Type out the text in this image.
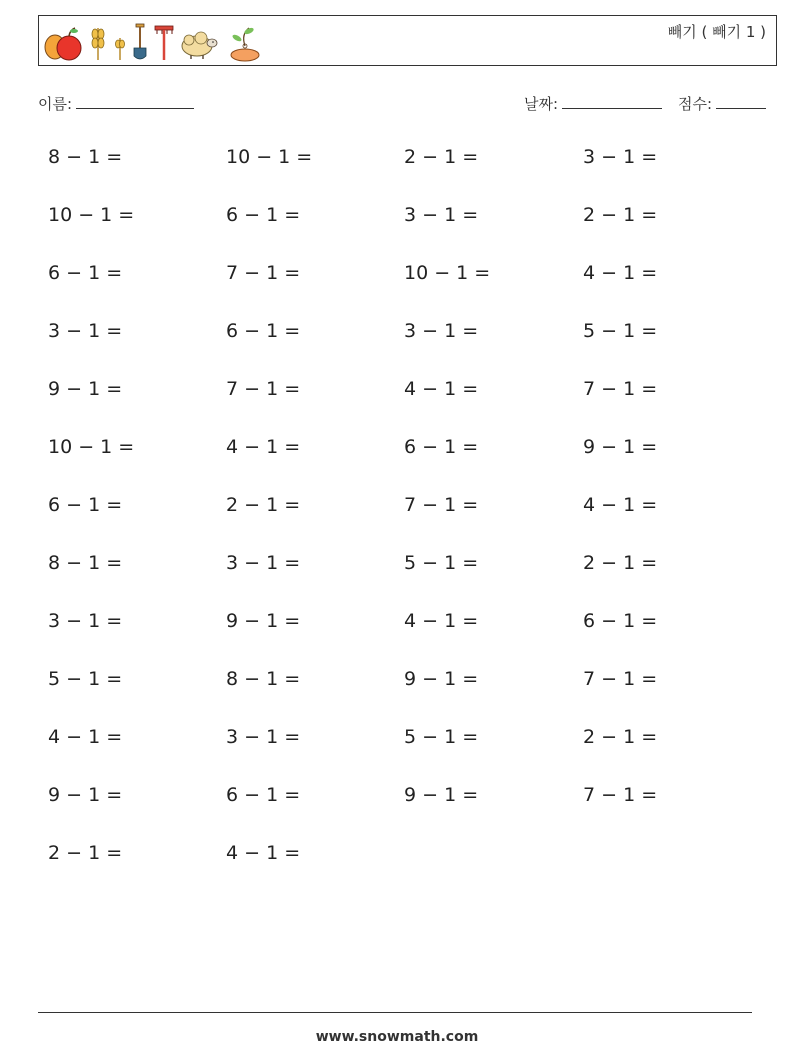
빼기 ( 빼기 1 )
이름:	날짜:	점수:
8 − 1 =	10 − 1 =	2 − 1 =	3 − 1 =
10 − 1 =	6 − 1 =	3 − 1 =	2 − 1 =
6 − 1 =	7 − 1 =	10 − 1 =	4 − 1 =
3 − 1 =	6 − 1 =	3 − 1 =	5 − 1 =
9 − 1 =	7 − 1 =	4 − 1 =	7 − 1 =
10 − 1 =	4 − 1 =	6 − 1 =	9 − 1 =
6 − 1 =	2 − 1 =	7 − 1 =	4 − 1 =
8 − 1 =	3 − 1 =	5 − 1 =	2 − 1 =
3 − 1 =	9 − 1 =	4 − 1 =	6 − 1 =
5 − 1 =	8 − 1 =	9 − 1 =	7 − 1 =
4 − 1 =	3 − 1 =	5 − 1 =	2 − 1 =
9 − 1 =	6 − 1 =	9 − 1 =	7 − 1 =
2 − 1 =	4 − 1 =
www.snowmath.com
